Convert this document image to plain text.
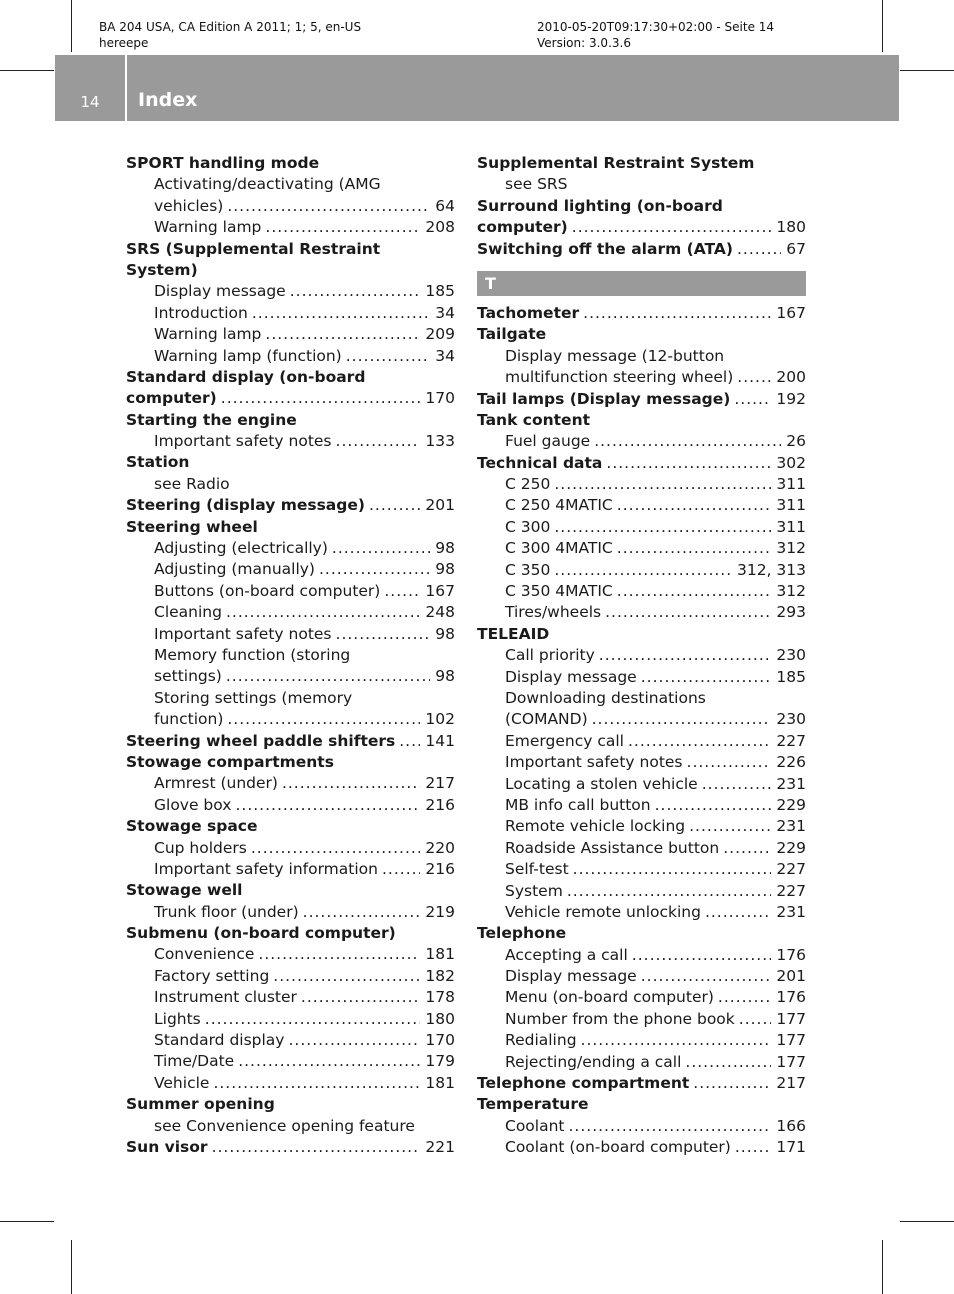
BA 204 USA, CA Edition A 2011; 1; 5, en-US
hereepe
2010-05-20T09:17:30+02:00 - Seite 14
Version: 3.0.3.6
14	Index
SPORT handling mode
Activating/deactivating (AMG
vehicles) .....	64
Warning lamp .....	208
SRS (Supplemental Restraint
System)
Display message .....	185
Introduction .....	34
Warning lamp .....	209
Warning lamp (function) .....	34
Standard display (on-board
computer) .....	170
Starting the engine
Important safety notes .....	133
Station
see Radio
Steering (display message) .....	201
Steering wheel
Adjusting (electrically) .....	98
Adjusting (manually) .....	98
Buttons (on-board computer) .....	167
Cleaning .....	248
Important safety notes .....	98
Memory function (storing
settings) .....	98
Storing settings (memory
function) .....	102
Steering wheel paddle shifters ..... 141
Stowage compartments
Armrest (under) .....	217
Glove box .....	216
Stowage space
Cup holders .....	220
Important safety information .....	216
Stowage well
Trunk floor (under) .....	219
Submenu (on-board computer)
Convenience .....	181
Factory setting .....	182
Instrument cluster .....	178
Lights .....	180
Standard display .....	170
Time/Date .....	179
Vehicle .....	181
Summer opening
see Convenience opening feature
Sun visor .....	221
Supplemental Restraint System
see SRS
Surround lighting (on-board
computer) .....	180
Switching off the alarm (ATA) .....	67
T
Tachometer .....	167
Tailgate
Display message (12-button
multifunction steering wheel) .....	200
Tail lamps (Display message) .....	192
Tank content
Fuel gauge .....	26
Technical data .....	302
C 250 .....	311
C 250 4MATIC .....	311
C 300 .....	311
C 300 4MATIC .....	312
C 350 .....	312, 313
C 350 4MATIC .....	312
Tires/wheels .....	293
TELEAID
Call priority .....	230
Display message .....	185
Downloading destinations
(COMAND) .....	230
Emergency call .....	227
Important safety notes .....	226
Locating a stolen vehicle .....	231
MB info call button .....	229
Remote vehicle locking .....	231
Roadside Assistance button .....	229
Self-test .....	227
System .....	227
Vehicle remote unlocking .....	231
Telephone
Accepting a call .....	176
Display message .....	201
Menu (on-board computer) .....	176
Number from the phone book .....	177
Redialing .....	177
Rejecting/ending a call .....	177
Telephone compartment .....	217
Temperature
Coolant .....	166
Coolant (on-board computer) .....	171
